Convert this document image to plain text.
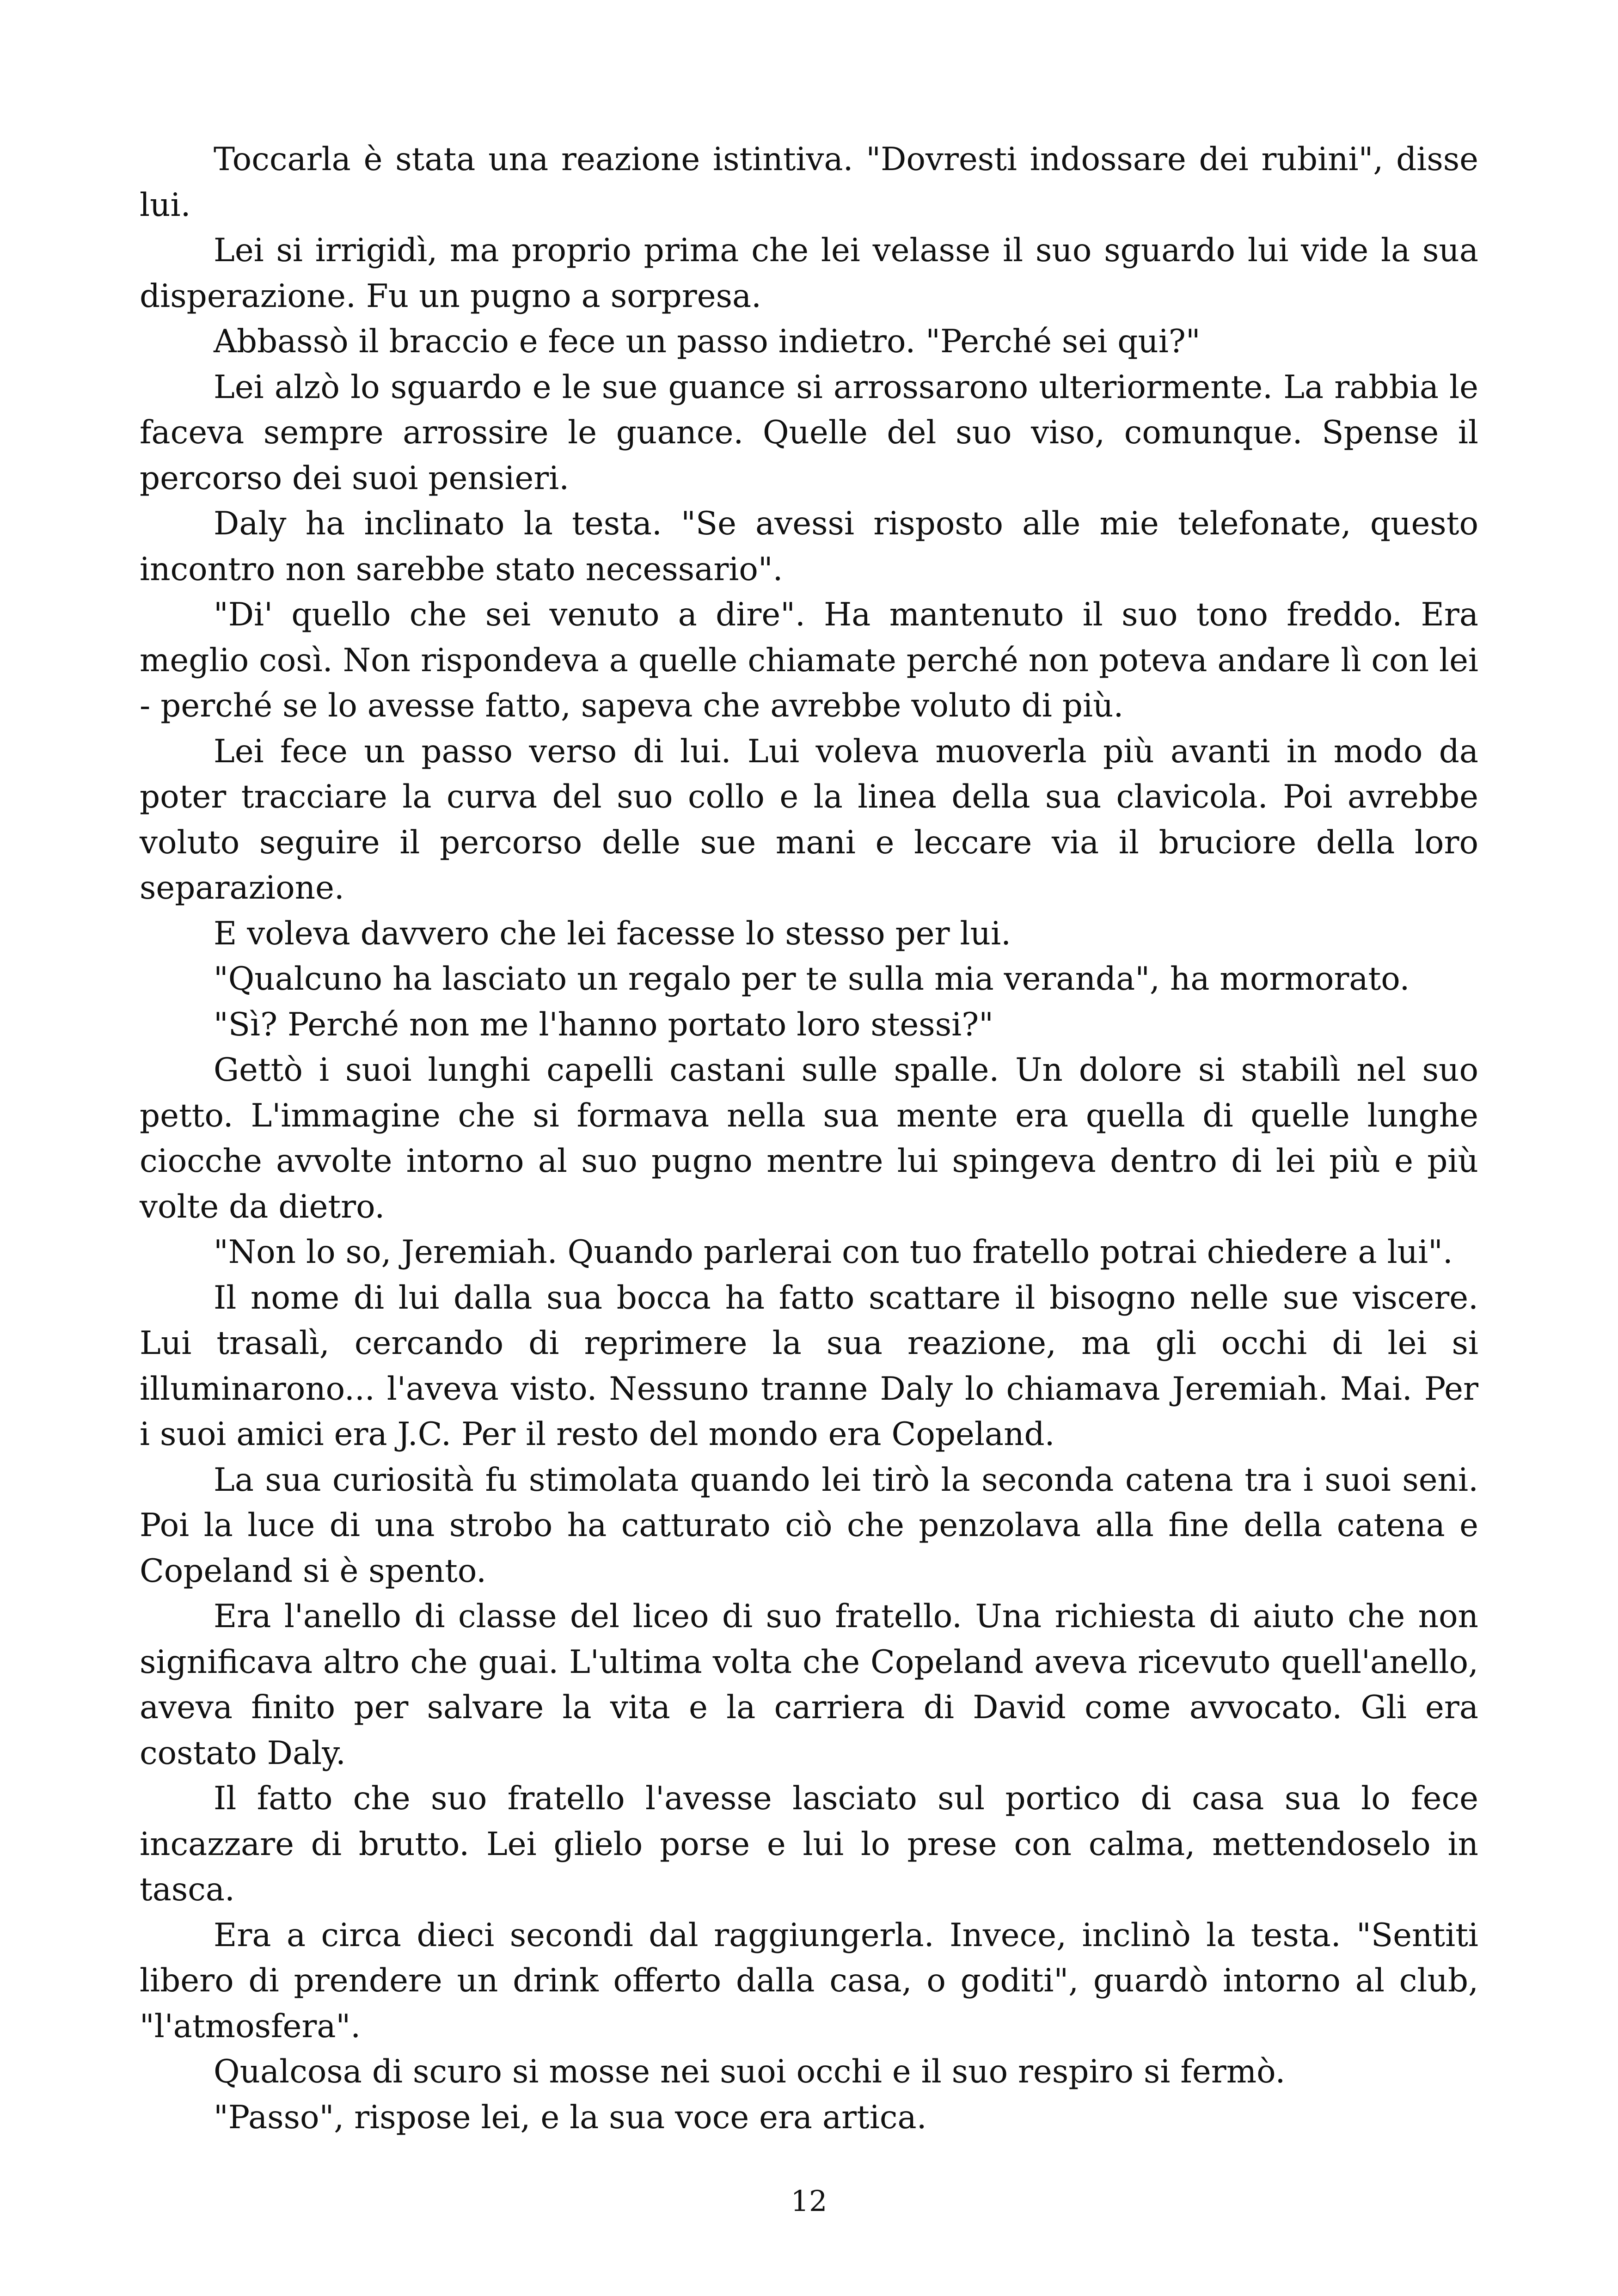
Toccarla è stata una reazione istintiva. "Dovresti indossare dei rubini", disse lui.

Lei si irrigidì, ma proprio prima che lei velasse il suo sguardo lui vide la sua disperazione. Fu un pugno a sorpresa.

Abbassò il braccio e fece un passo indietro. "Perché sei qui?"

Lei alzò lo sguardo e le sue guance si arrossarono ulteriormente. La rabbia le faceva sempre arrossire le guance. Quelle del suo viso, comunque. Spense il percorso dei suoi pensieri.

Daly ha inclinato la testa. "Se avessi risposto alle mie telefonate, questo incontro non sarebbe stato necessario".

"Di' quello che sei venuto a dire". Ha mantenuto il suo tono freddo. Era meglio così. Non rispondeva a quelle chiamate perché non poteva andare lì con lei - perché se lo avesse fatto, sapeva che avrebbe voluto di più.

Lei fece un passo verso di lui. Lui voleva muoverla più avanti in modo da poter tracciare la curva del suo collo e la linea della sua clavicola. Poi avrebbe voluto seguire il percorso delle sue mani e leccare via il bruciore della loro separazione.

E voleva davvero che lei facesse lo stesso per lui.

"Qualcuno ha lasciato un regalo per te sulla mia veranda", ha mormorato.

"Sì? Perché non me l'hanno portato loro stessi?"

Gettò i suoi lunghi capelli castani sulle spalle. Un dolore si stabilì nel suo petto. L'immagine che si formava nella sua mente era quella di quelle lunghe ciocche avvolte intorno al suo pugno mentre lui spingeva dentro di lei più e più volte da dietro.

"Non lo so, Jeremiah. Quando parlerai con tuo fratello potrai chiedere a lui".

Il nome di lui dalla sua bocca ha fatto scattare il bisogno nelle sue viscere. Lui trasalì, cercando di reprimere la sua reazione, ma gli occhi di lei si illuminarono... l'aveva visto. Nessuno tranne Daly lo chiamava Jeremiah. Mai. Per i suoi amici era J.C. Per il resto del mondo era Copeland.

La sua curiosità fu stimolata quando lei tirò la seconda catena tra i suoi seni. Poi la luce di una strobo ha catturato ciò che penzolava alla fine della catena e Copeland si è spento.

Era l'anello di classe del liceo di suo fratello. Una richiesta di aiuto che non significava altro che guai. L'ultima volta che Copeland aveva ricevuto quell'anello, aveva finito per salvare la vita e la carriera di David come avvocato. Gli era costato Daly.

Il fatto che suo fratello l'avesse lasciato sul portico di casa sua lo fece incazzare di brutto. Lei glielo porse e lui lo prese con calma, mettendoselo in tasca.

Era a circa dieci secondi dal raggiungerla. Invece, inclinò la testa. "Sentiti libero di prendere un drink offerto dalla casa, o goditi", guardò intorno al club, "l'atmosfera".

Qualcosa di scuro si mosse nei suoi occhi e il suo respiro si fermò.

"Passo", rispose lei, e la sua voce era artica.

12
